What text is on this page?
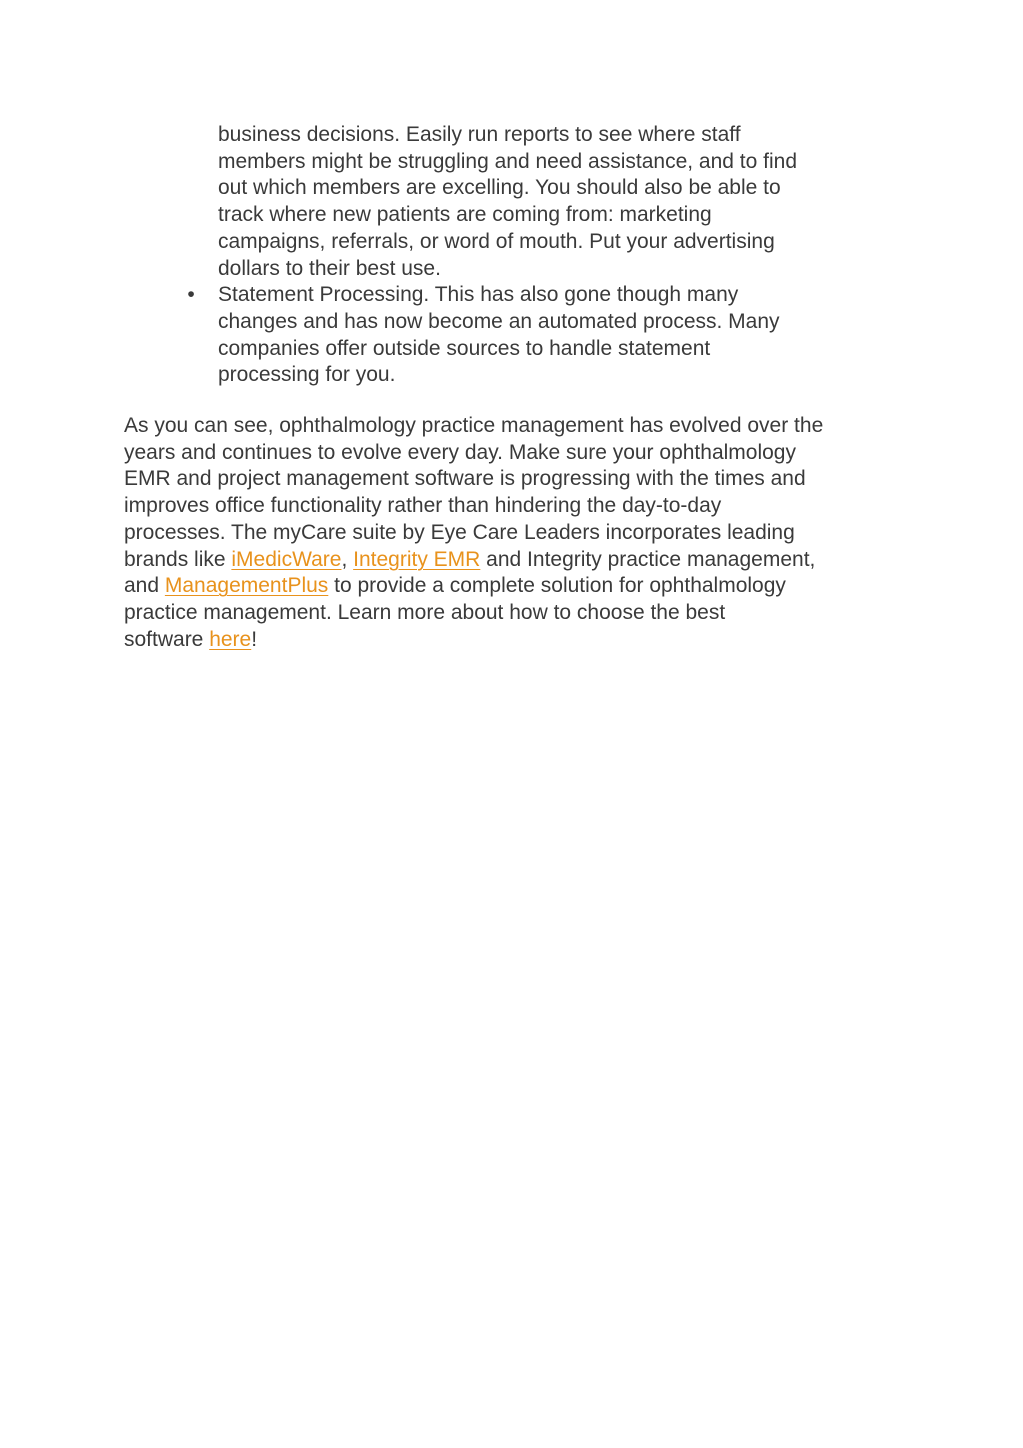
business decisions. Easily run reports to see where staff
members might be struggling and need assistance, and to find
out which members are excelling. You should also be able to
track where new patients are coming from: marketing
campaigns, referrals, or word of mouth. Put your advertising
dollars to their best use.
• Statement Processing. This has also gone though many
changes and has now become an automated process. Many
companies offer outside sources to handle statement
processing for you.

As you can see, ophthalmology practice management has evolved over the
years and continues to evolve every day. Make sure your ophthalmology
EMR and project management software is progressing with the times and
improves office functionality rather than hindering the day-to-day
processes. The myCare suite by Eye Care Leaders incorporates leading
brands like iMedicWare, Integrity EMR and Integrity practice management,
and ManagementPlus to provide a complete solution for ophthalmology
practice management. Learn more about how to choose the best
software here!
